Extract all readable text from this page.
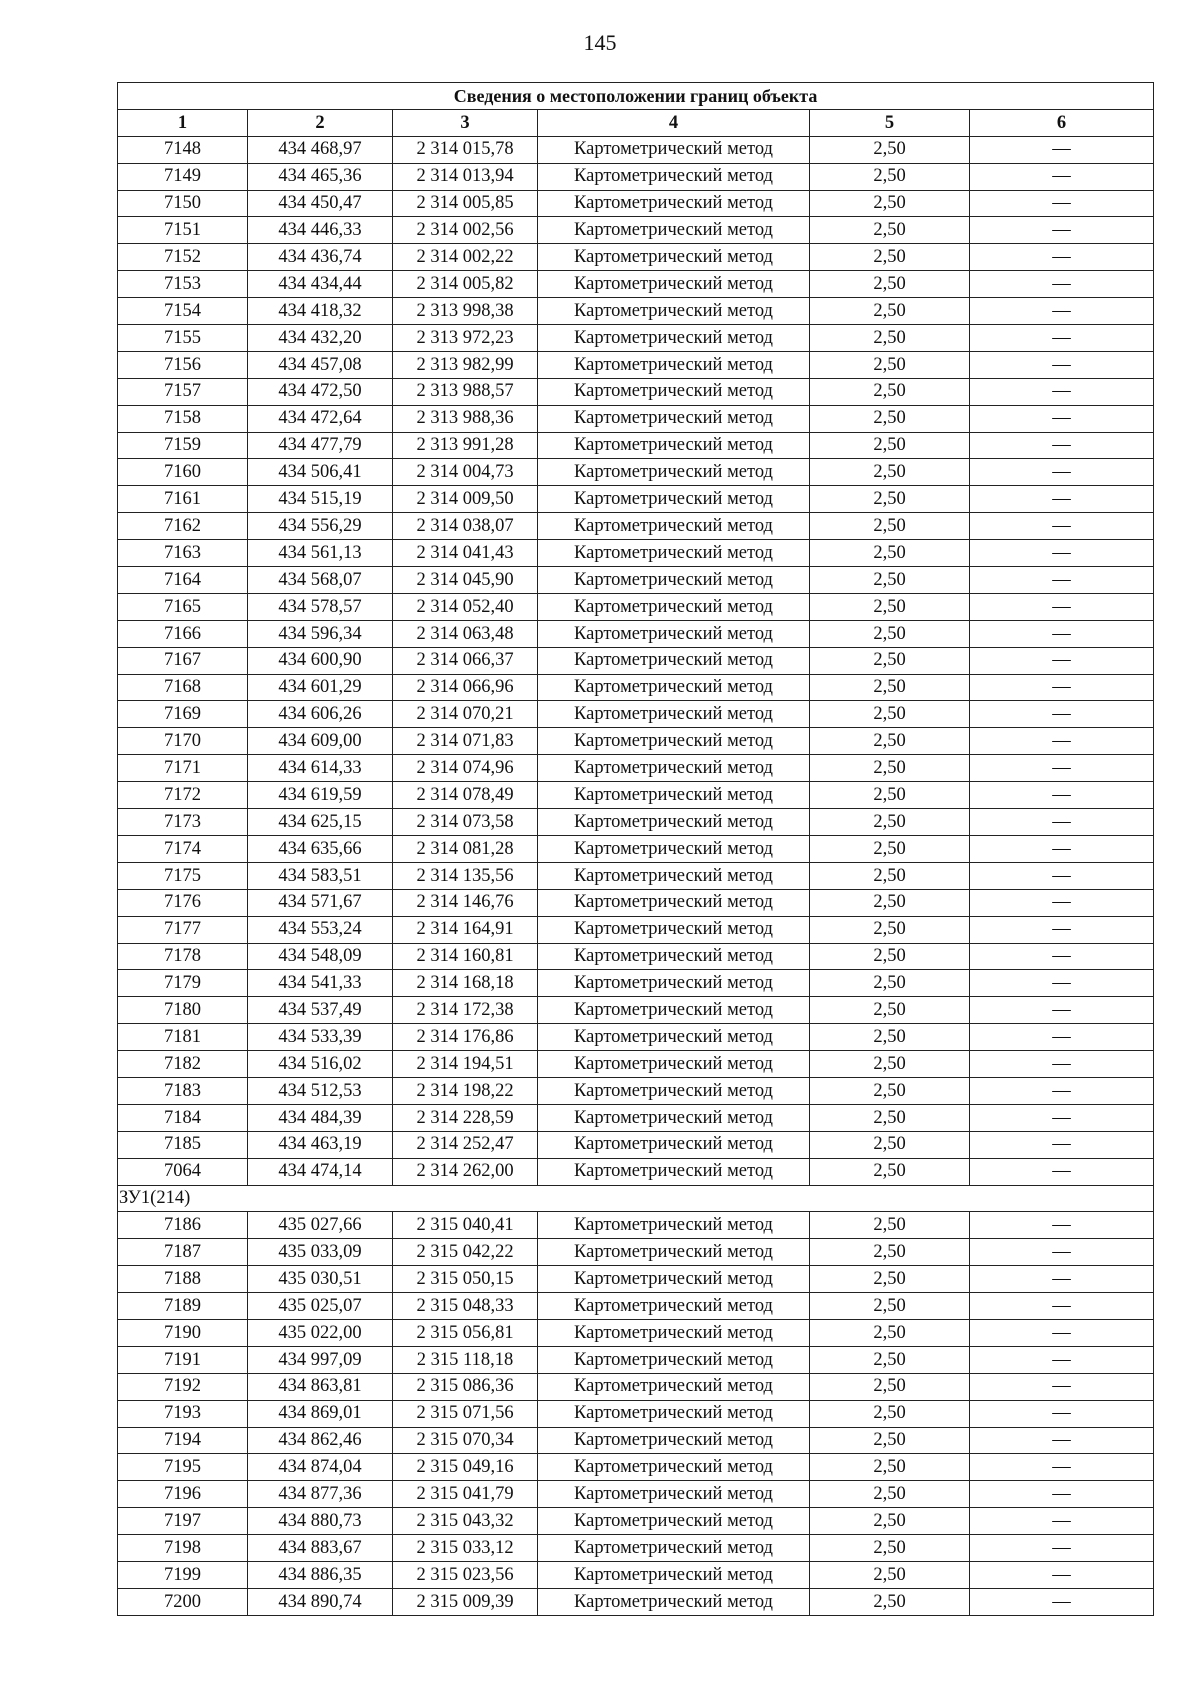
145
Сведения о местоположении границ объекта					
1	2	3	4	5	6
7148	434 468,97	2 314 015,78	Картометрический метод	2,50	—
7149	434 465,36	2 314 013,94	Картометрический метод	2,50	—
7150	434 450,47	2 314 005,85	Картометрический метод	2,50	—
7151	434 446,33	2 314 002,56	Картометрический метод	2,50	—
7152	434 436,74	2 314 002,22	Картометрический метод	2,50	—
7153	434 434,44	2 314 005,82	Картометрический метод	2,50	—
7154	434 418,32	2 313 998,38	Картометрический метод	2,50	—
7155	434 432,20	2 313 972,23	Картометрический метод	2,50	—
7156	434 457,08	2 313 982,99	Картометрический метод	2,50	—
7157	434 472,50	2 313 988,57	Картометрический метод	2,50	—
7158	434 472,64	2 313 988,36	Картометрический метод	2,50	—
7159	434 477,79	2 313 991,28	Картометрический метод	2,50	—
7160	434 506,41	2 314 004,73	Картометрический метод	2,50	—
7161	434 515,19	2 314 009,50	Картометрический метод	2,50	—
7162	434 556,29	2 314 038,07	Картометрический метод	2,50	—
7163	434 561,13	2 314 041,43	Картометрический метод	2,50	—
7164	434 568,07	2 314 045,90	Картометрический метод	2,50	—
7165	434 578,57	2 314 052,40	Картометрический метод	2,50	—
7166	434 596,34	2 314 063,48	Картометрический метод	2,50	—
7167	434 600,90	2 314 066,37	Картометрический метод	2,50	—
7168	434 601,29	2 314 066,96	Картометрический метод	2,50	—
7169	434 606,26	2 314 070,21	Картометрический метод	2,50	—
7170	434 609,00	2 314 071,83	Картометрический метод	2,50	—
7171	434 614,33	2 314 074,96	Картометрический метод	2,50	—
7172	434 619,59	2 314 078,49	Картометрический метод	2,50	—
7173	434 625,15	2 314 073,58	Картометрический метод	2,50	—
7174	434 635,66	2 314 081,28	Картометрический метод	2,50	—
7175	434 583,51	2 314 135,56	Картометрический метод	2,50	—
7176	434 571,67	2 314 146,76	Картометрический метод	2,50	—
7177	434 553,24	2 314 164,91	Картометрический метод	2,50	—
7178	434 548,09	2 314 160,81	Картометрический метод	2,50	—
7179	434 541,33	2 314 168,18	Картометрический метод	2,50	—
7180	434 537,49	2 314 172,38	Картометрический метод	2,50	—
7181	434 533,39	2 314 176,86	Картометрический метод	2,50	—
7182	434 516,02	2 314 194,51	Картометрический метод	2,50	—
7183	434 512,53	2 314 198,22	Картометрический метод	2,50	—
7184	434 484,39	2 314 228,59	Картометрический метод	2,50	—
7185	434 463,19	2 314 252,47	Картометрический метод	2,50	—
7064	434 474,14	2 314 262,00	Картометрический метод	2,50	—
ЗУ1(214)					
7186	435 027,66	2 315 040,41	Картометрический метод	2,50	—
7187	435 033,09	2 315 042,22	Картометрический метод	2,50	—
7188	435 030,51	2 315 050,15	Картометрический метод	2,50	—
7189	435 025,07	2 315 048,33	Картометрический метод	2,50	—
7190	435 022,00	2 315 056,81	Картометрический метод	2,50	—
7191	434 997,09	2 315 118,18	Картометрический метод	2,50	—
7192	434 863,81	2 315 086,36	Картометрический метод	2,50	—
7193	434 869,01	2 315 071,56	Картометрический метод	2,50	—
7194	434 862,46	2 315 070,34	Картометрический метод	2,50	—
7195	434 874,04	2 315 049,16	Картометрический метод	2,50	—
7196	434 877,36	2 315 041,79	Картометрический метод	2,50	—
7197	434 880,73	2 315 043,32	Картометрический метод	2,50	—
7198	434 883,67	2 315 033,12	Картометрический метод	2,50	—
7199	434 886,35	2 315 023,56	Картометрический метод	2,50	—
7200	434 890,74	2 315 009,39	Картометрический метод	2,50	—
